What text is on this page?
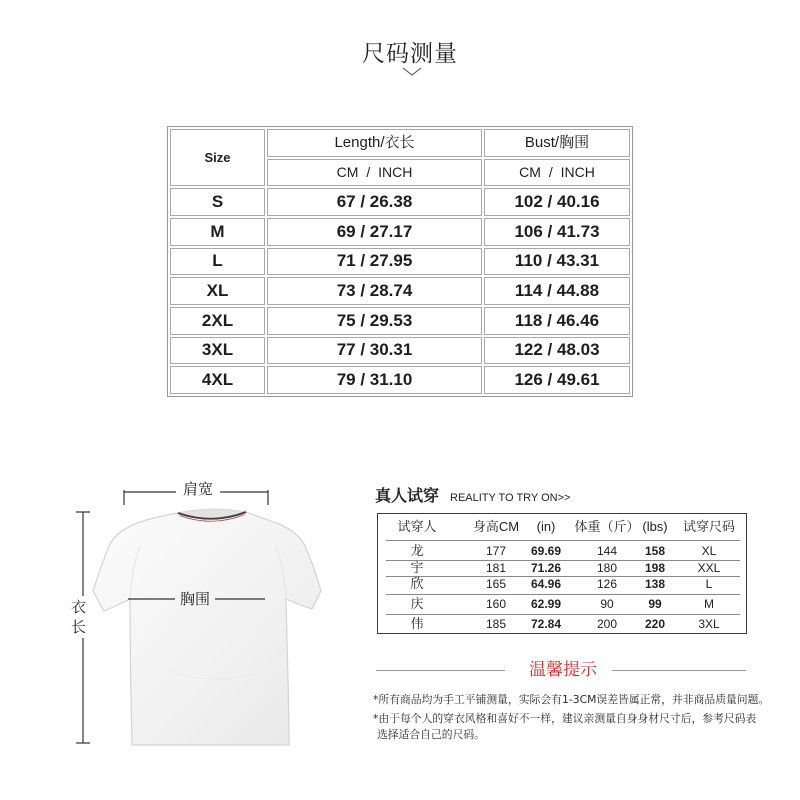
尺码测量
Size	Length/衣长	Bust/胸围
	CM / INCH	CM / INCH
S	67 / 26.38	102 / 40.16
M	69 / 27.17	106 / 41.73
L	71 / 27.95	110 / 43.31
XL	73 / 28.74	114 / 44.88
2XL	75 / 29.53	118 / 46.46
3XL	77 / 30.31	122 / 48.03
4XL	79 / 31.10	126 / 49.61
肩宽
胸围
衣长
真人试穿 REALITY TO TRY ON>>
试穿人	身高CM	(in)	体重（斤） (lbs)	试穿尺码
龙	177	69.69	144	158	XL
宇	181	71.26	180	198	XXL
欣	165	64.96	126	138	L
庆	160	62.99	90	99	M
伟	185	72.84	200	220	3XL
温馨提示
*所有商品均为手工平铺测量，实际会有1-3CM误差皆属正常，并非商品质量问题。
*由于每个人的穿衣风格和喜好不一样，建议亲测量自身身材尺寸后，参考尺码表
选择适合自己的尺码。
